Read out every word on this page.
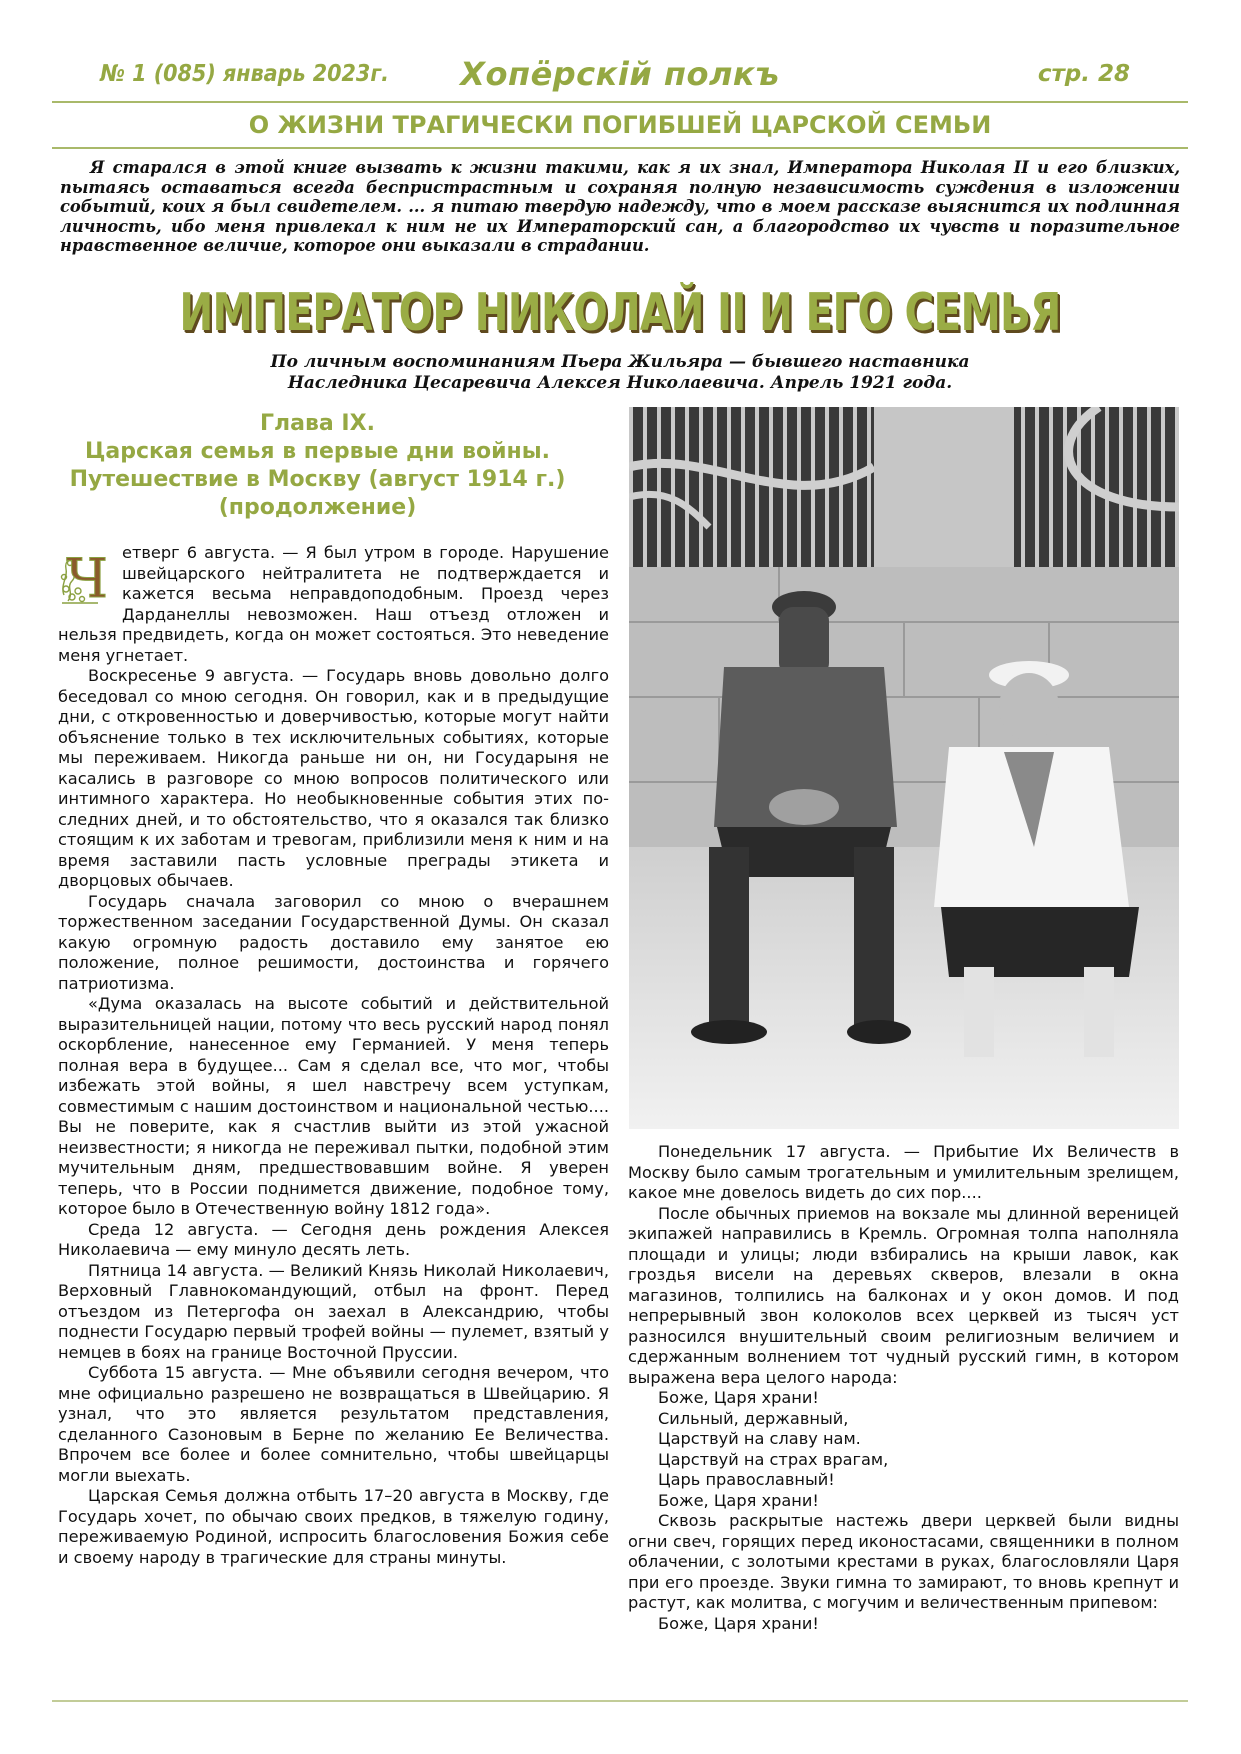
№ 1 (085) январь 2023г.	Хопёрскій полкъ	стр. 28
О ЖИЗНИ ТРАГИЧЕСКИ ПОГИБШЕЙ ЦАРСКОЙ СЕМЬИ
Я старался в этой книге вызвать к жизни такими, как я их знал, Императора Николая II и его близких, пытаясь оставаться всегда беспристрастным и сохраняя полную независимость суждения в изложении событий, коих я был свидетелем. ... я питаю твердую надежду, что в моем рассказе выяснится их подлинная личность, ибо меня привлекал к ним не их Императорский сан, а благородство их чувств и поразительное нравственное величие, которое они выказали в страдании.
ИМПЕРАТОР НИКОЛАЙ II И ЕГО СЕМЬЯ
По личным воспоминаниям Пьера Жильяра — бывшего наставника
Наследника Цесаревича Алексея Николаевича. Апрель 1921 года.
Глава IX.
Царская семья в первые дни войны.
Путешествие в Москву (август 1914 г.)
(продолжение)

Ч етверг 6 августа. — Я был утром в городе. Нарушение швейцарского нейтралитета не подтверждается и кажется весьма неправдоподобным. Проезд через Дарданеллы невозможен. Наш отъезд отложен и нельзя предвидеть, когда он может состояться. Это неведение меня угнетает.

Воскресенье 9 августа. — Государь вновь довольно долго беседовал со мною сегодня. Он говорил, как и в предыдущие дни, с откровенностью и доверчивостью, которые могут найти объяснение только в тех исключительных событиях, которые мы переживаем. Никогда раньше ни он, ни Государыня не касались в разговоре со мною вопросов политического или интимного характера. Но необыкновенные события этих последних дней, и то обстоятельство, что я оказался так близко стоящим к их заботам и тревогам, приблизили меня к ним и на время заставили пасть условные преграды этикета и дворцовых обычаев.

Государь сначала заговорил со мною о вчерашнем торжественном заседании Государственной Думы. Он сказал какую огромную радость доставило ему занятое ею положение, полное решимости, достоинства и горячего патриотизма.

«Дума оказалась на высоте событий и действительной выразительницей нации, потому что весь русский народ понял оскорбление, нанесенное ему Германией. У меня теперь полная вера в будущее... Сам я сделал все, что мог, чтобы избежать этой войны, я шел навстречу всем уступкам, совместимым с нашим достоинством и национальной честью.... Вы не поверите, как я счастлив выйти из этой ужасной неизвестности; я никогда не переживал пытки, подобной этим мучительным дням, предшествовавшим войне. Я уверен теперь, что в России поднимется движение, подобное тому, которое было в Отечественную войну 1812 года».

Среда 12 августа. — Сегодня день рождения Алексея Николаевича — ему минуло десять леть.

Пятница 14 августа. — Великий Князь Николай Николаевич, Верховный Главнокомандующий, отбыл на фронт. Перед отъездом из Петергофа он заехал в Александрию, чтобы поднести Государю первый трофей войны — пулемет, взятый у немцев в боях на границе Восточной Пруссии.

Суббота 15 августа. — Мне объявили сегодня вечером, что мне официально разрешено не возвращаться в Швейцарию. Я узнал, что это является результатом представления, сделанного Сазоновым в Берне по желанию Ее Величества. Впрочем все более и более сомнительно, чтобы швейцарцы могли выехать.

Царская Семья должна отбыть 17–20 августа в Москву, где Государь хочет, по обычаю своих предков, в тяжелую годину, переживаемую Родиной, испросить благословения Божия себе и своему народу в трагические для страны минуты.

Понедельник 17 августа. — Прибытие Их Величеств в Москву было самым трогательным и умилительным зрелищем, какое мне довелось видеть до сих пор....

После обычных приемов на вокзале мы длинной вереницей экипажей направились в Кремль. Огромная толпа наполняла площади и улицы; люди взбирались на крыши лавок, как гроздья висели на деревьях скверов, влезали в окна магазинов, толпились на балконах и у окон домов. И под непрерывный звон колоколов всех церквей из тысяч уст разносился внушительный своим религиозным величием и сдержанным волнением тот чудный русский гимн, в котором выражена вера целого народа:

Боже, Царя храни!

Сильный, державный,

Царствуй на славу нам.

Царствуй на страх врагам,

Царь православный!

Боже, Царя храни!

Сквозь раскрытые настежь двери церквей были видны огни свеч, горящих перед иконостасами, священники в полном облачении, с золотыми крестами в руках, благословляли Царя при его проезде. Звуки гимна то замирают, то вновь крепнут и растут, как молитва, с могучим и величественным припевом:

Боже, Царя храни!
